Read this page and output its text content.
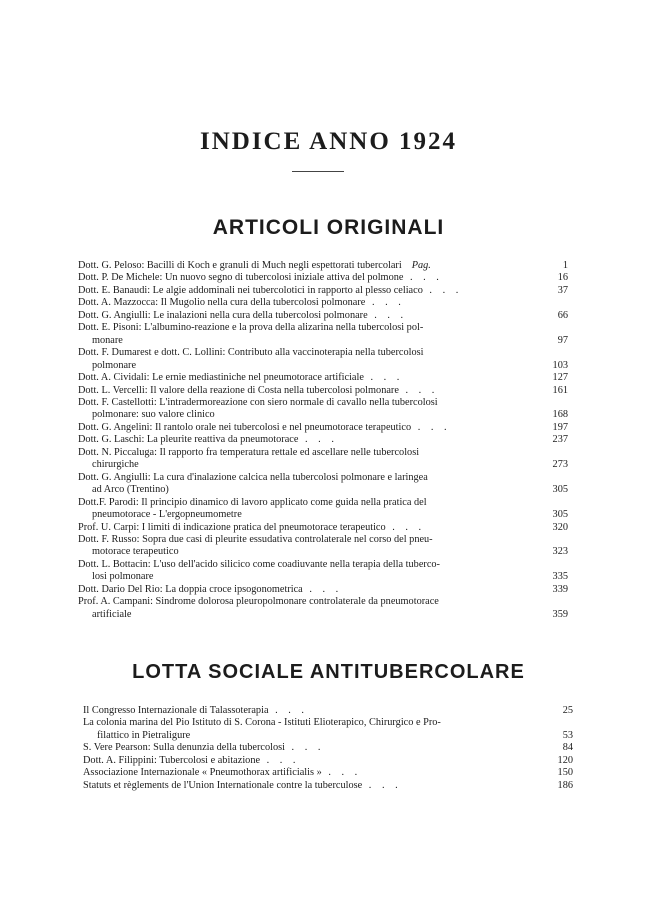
INDICE ANNO 1924
ARTICOLI ORIGINALI
Dott. G. Peloso: Bacilli di Koch e granuli di Much negli espettorati tubercolari Pag.	1
Dott. P. De Michele: Un nuovo segno di tubercolosi iniziale attiva del polmone . . .	16
Dott. E. Banaudi: Le algie addominali nei tubercolotici in rapporto al plesso celiaco . . .	37
Dott. A. Mazzocca: Il Mugolio nella cura della tubercolosi polmonare . . .
Dott. G. Angiulli: Le inalazioni nella cura della tubercolosi polmonare . . .	66
Dott. E. Pisoni: L'albumino-reazione e la prova della alizarina nella tubercolosi pol-
monare	97
Dott. F. Dumarest e dott. C. Lollini: Contributo alla vaccinoterapia nella tubercolosi
polmonare	103
Dott. A. Cividali: Le ernie mediastiniche nel pneumotorace artificiale . . .	127
Dott. L. Vercelli: Il valore della reazione di Costa nella tubercolosi polmonare . . .	161
Dott. F. Castellotti: L'intradermoreazione con siero normale di cavallo nella tubercolosi
polmonare: suo valore clinico	168
Dott. G. Angelini: Il rantolo orale nei tubercolosi e nel pneumotorace terapeutico . . .	197
Dott. G. Laschi: La pleurite reattiva da pneumotorace . . .	237
Dott. N. Piccaluga: Il rapporto fra temperatura rettale ed ascellare nelle tubercolosi
chirurgiche	273
Dott. G. Angiulli: La cura d'inalazione calcica nella tubercolosi polmonare e laringea
ad Arco (Trentino)	305
Dott.F. Parodi: Il principio dinamico di lavoro applicato come guida nella pratica del
pneumotorace - L'ergopneumometre	305
Prof. U. Carpi: I limiti di indicazione pratica del pneumotorace terapeutico . . .	320
Dott. F. Russo: Sopra due casi di pleurite essudativa controlaterale nel corso del pneu-
motorace terapeutico	323
Dott. L. Bottacin: L'uso dell'acido silicico come coadiuvante nella terapia della tuberco-
losi polmonare	335
Dott. Dario Del Rio: La doppia croce ipsogonometrica . . .	339
Prof. A. Campani: Sindrome dolorosa pleuropolmonare controlaterale da pneumotorace
artificiale	359
LOTTA SOCIALE ANTITUBERCOLARE
Il Congresso Internazionale di Talassoterapia . . .	25
La colonia marina del Pio Istituto di S. Corona - Istituti Elioterapico, Chirurgico e Pro-
filattico in Pietraligure	53
S. Vere Pearson: Sulla denunzia della tubercolosi . . .	84
Dott. A. Filippini: Tubercolosi e abitazione . . .	120
Associazione Internazionale « Pneumothorax artificialis » . . .	150
Statuts et règlements de l'Union Internationale contre la tuberculose . . .	186
